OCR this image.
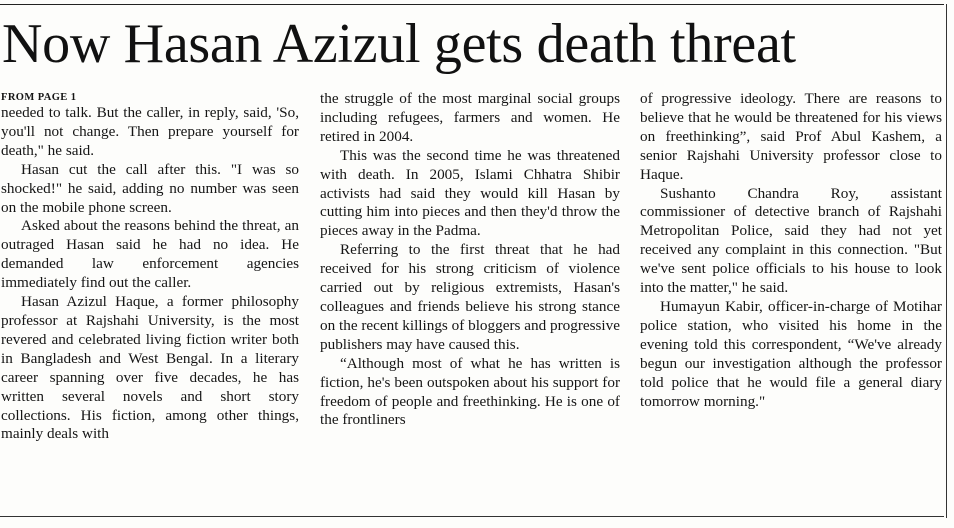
Now Hasan Azizul gets death threat
FROM PAGE 1

needed to talk. But the caller, in reply, said, 'So, you'll not change. Then prepare yourself for death," he said.

Hasan cut the call after this. "I was so shocked!" he said, adding no number was seen on the mobile phone screen.

Asked about the reasons behind the threat, an outraged Hasan said he had no idea. He demanded law enforcement agencies immediately find out the caller.

Hasan Azizul Haque, a former philosophy professor at Rajshahi University, is the most revered and celebrated living fiction writer both in Bangladesh and West Bengal. In a literary career spanning over five decades, he has written several novels and short story collections. His fiction, among other things, mainly deals with

the struggle of the most marginal social groups including refugees, farmers and women. He retired in 2004.

This was the second time he was threatened with death. In 2005, Islami Chhatra Shibir activists had said they would kill Hasan by cutting him into pieces and then they'd throw the pieces away in the Padma.

Referring to the first threat that he had received for his strong criticism of violence carried out by religious extremists, Hasan's colleagues and friends believe his strong stance on the recent killings of bloggers and progressive publishers may have caused this.

“Although most of what he has written is fiction, he's been outspoken about his support for freedom of people and freethinking. He is one of the frontliners

of progressive ideology. There are reasons to believe that he would be threatened for his views on freethinking”, said Prof Abul Kashem, a senior Rajshahi University professor close to Haque.

Sushanto Chandra Roy, assistant commissioner of detective branch of Rajshahi Metropolitan Police, said they had not yet received any complaint in this connection. "But we've sent police officials to his house to look into the matter," he said.

Humayun Kabir, officer-in-charge of Motihar police station, who visited his home in the evening told this correspondent, “We've already begun our investigation although the professor told police that he would file a general diary tomorrow morning."
